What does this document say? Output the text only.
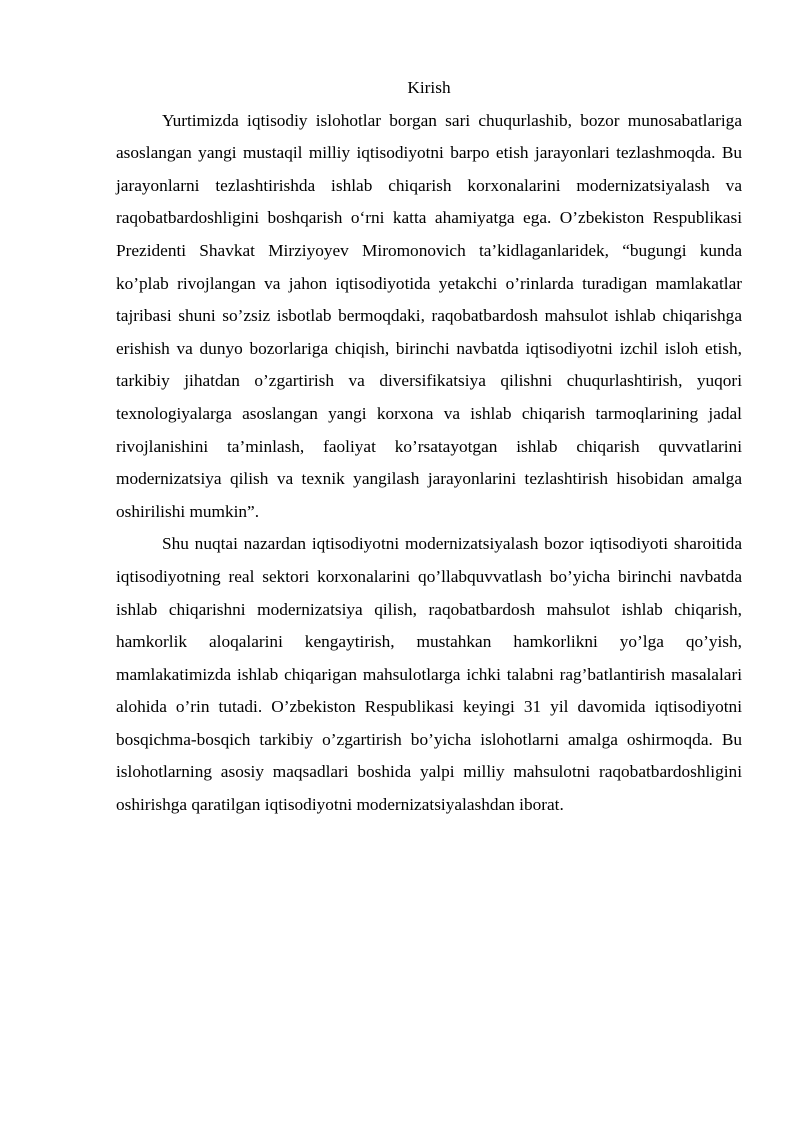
Kirish

Yurtimizda iqtisodiy islohotlar borgan sari chuqurlashib, bozor munosabatlariga asoslangan yangi mustaqil milliy iqtisodiyotni barpo etish jarayonlari tezlashmoqda. Bu jarayonlarni tezlashtirishda ishlab chiqarish korxonalarini modernizatsiyalash va raqobatbardoshligini boshqarish o‘rni katta ahamiyatga ega. O’zbekiston Respublikasi Prezidenti Shavkat Mirziyoyev Miromonovich ta’kidlaganlaridek, “bugungi kunda ko’plab rivojlangan va jahon iqtisodiyotida yetakchi o’rinlarda turadigan mamlakatlar tajribasi shuni so’zsiz isbotlab bermoqdaki, raqobatbardosh mahsulot ishlab chiqarishga erishish va dunyo bozorlariga chiqish, birinchi navbatda iqtisodiyotni izchil isloh etish, tarkibiy jihatdan o’zgartirish va diversifikatsiya qilishni chuqurlashtirish, yuqori texnologiyalarga asoslangan yangi korxona va ishlab chiqarish tarmoqlarining jadal rivojlanishini ta’minlash, faoliyat ko’rsatayotgan ishlab chiqarish quvvatlarini modernizatsiya qilish va texnik yangilash jarayonlarini tezlashtirish hisobidan amalga oshirilishi mumkin”.

Shu nuqtai nazardan iqtisodiyotni modernizatsiyalash bozor iqtisodiyoti sharoitida iqtisodiyotning real sektori korxonalarini qo’llabquvvatlash bo’yicha birinchi navbatda ishlab chiqarishni modernizatsiya qilish, raqobatbardosh mahsulot ishlab chiqarish, hamkorlik aloqalarini kengaytirish, mustahkan hamkorlikni yo’lga qo’yish, mamlakatimizda ishlab chiqarigan mahsulotlarga ichki talabni rag’batlantirish masalalari alohida o’rin tutadi. O’zbekiston Respublikasi keyingi 31 yil davomida iqtisodiyotni bosqichma-bosqich tarkibiy o’zgartirish bo’yicha islohotlarni amalga oshirmoqda. Bu islohotlarning asosiy maqsadlari boshida yalpi milliy mahsulotni raqobatbardoshligini oshirishga qaratilgan iqtisodiyotni modernizatsiyalashdan iborat.
